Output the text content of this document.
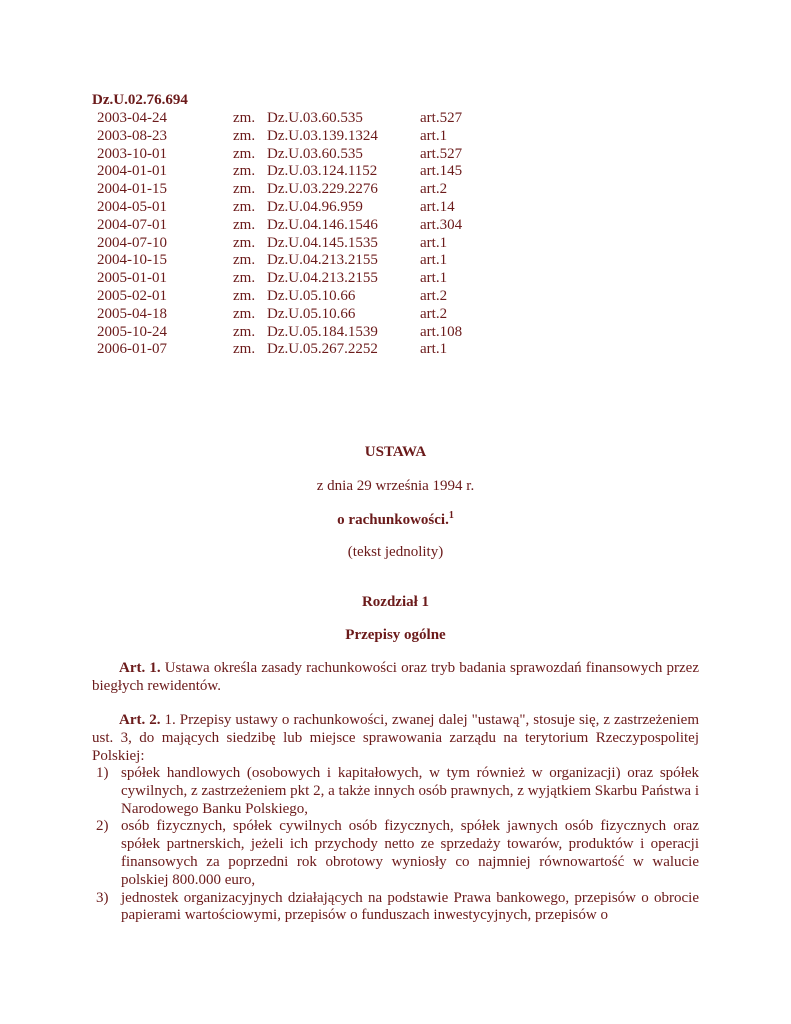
Dz.U.02.76.694
2003-04-24	zm. Dz.U.03.60.535	art.527
2003-08-23	zm. Dz.U.03.139.1324	art.1
2003-10-01	zm. Dz.U.03.60.535	art.527
2004-01-01	zm. Dz.U.03.124.1152	art.145
2004-01-15	zm. Dz.U.03.229.2276	art.2
2004-05-01	zm. Dz.U.04.96.959	art.14
2004-07-01	zm. Dz.U.04.146.1546	art.304
2004-07-10	zm. Dz.U.04.145.1535	art.1
2004-10-15	zm. Dz.U.04.213.2155	art.1
2005-01-01	zm. Dz.U.04.213.2155	art.1
2005-02-01	zm. Dz.U.05.10.66	art.2
2005-04-18	zm. Dz.U.05.10.66	art.2
2005-10-24	zm. Dz.U.05.184.1539	art.108
2006-01-07	zm. Dz.U.05.267.2252	art.1
USTAWA
z dnia 29 września 1994 r.
o rachunkowości.$^1$
(tekst jednolity)
Rozdział 1
Przepisy ogólne
Art. 1. Ustawa określa zasady rachunkowości oraz tryb badania sprawozdań finansowych przez biegłych rewidentów.
Art. 2. 1. Przepisy ustawy o rachunkowości, zwanej dalej "ustawą", stosuje się, z zastrzeżeniem ust. 3, do mających siedzibę lub miejsce sprawowania zarządu na terytorium Rzeczypospolitej Polskiej:
1) spółek handlowych (osobowych i kapitałowych, w tym również w organizacji) oraz spółek cywilnych, z zastrzeżeniem pkt 2, a także innych osób prawnych, z wyjątkiem Skarbu Państwa i Narodowego Banku Polskiego,
2) osób fizycznych, spółek cywilnych osób fizycznych, spółek jawnych osób fizycznych oraz spółek partnerskich, jeżeli ich przychody netto ze sprzedaży towarów, produktów i operacji finansowych za poprzedni rok obrotowy wyniosły co najmniej równowartość w walucie polskiej 800.000 euro,
3) jednostek organizacyjnych działających na podstawie Prawa bankowego, przepisów o obrocie papierami wartościowymi, przepisów o funduszach inwestycyjnych, przepisów o
